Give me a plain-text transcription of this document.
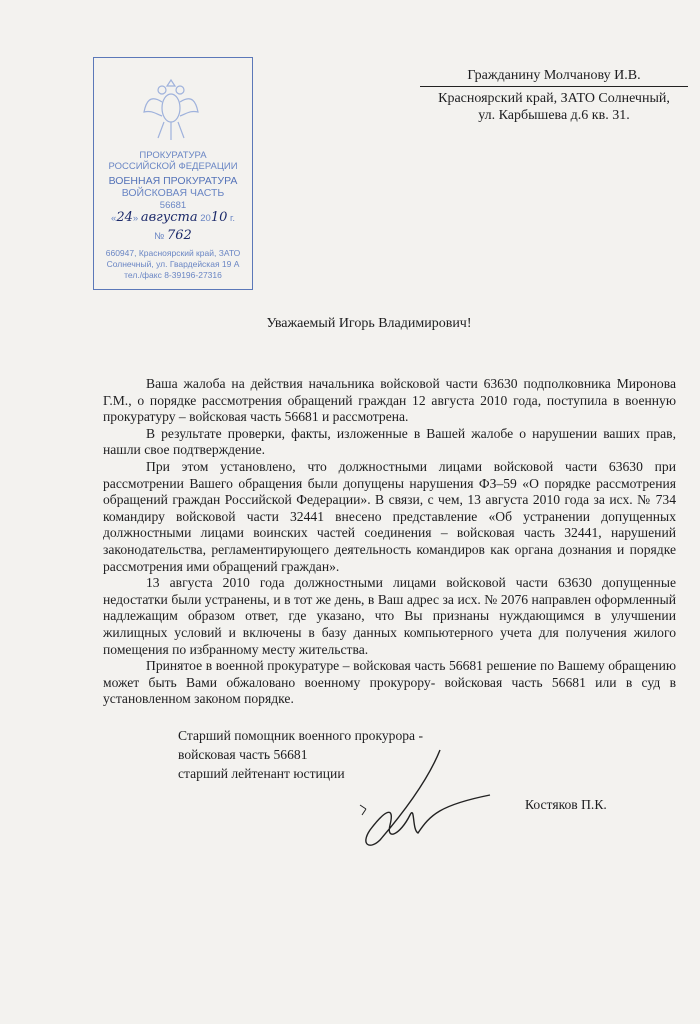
ПРОКУРАТУРА
РОССИЙСКОЙ ФЕДЕРАЦИИ
ВОЕННАЯ ПРОКУРАТУРА
ВОЙСКОВАЯ ЧАСТЬ
56681
«24» августа 2010 г.
№ 762
660947, Красноярский край, ЗАТО
Солнечный, ул. Гвардейская 19 А
тел./факс 8-39196-27316
Гражданину Молчанову И.В.
Красноярский край, ЗАТО Солнечный,
ул. Карбышева д.6 кв. 31.
Уважаемый Игорь Владимирович!

Ваша жалоба на действия начальника войсковой части 63630 подполковника Миронова Г.М., о порядке рассмотрения обращений граждан 12 августа 2010 года, поступила в военную прокуратуру – войсковая часть 56681 и рассмотрена.

В результате проверки, факты, изложенные в Вашей жалобе о нарушении ваших прав, нашли свое подтверждение.

При этом установлено, что должностными лицами войсковой части 63630 при рассмотрении Вашего обращения были допущены нарушения ФЗ–59 «О порядке рассмотрения обращений граждан Российской Федерации». В связи, с чем, 13 августа 2010 года за исх. № 734 командиру войсковой части 32441 внесено представление «Об устранении допущенных должностными лицами воинских частей соединения – войсковая часть 32441, нарушений законодательства, регламентирующего деятельность командиров как органа дознания и порядке рассмотрения ими обращений граждан».

13 августа 2010 года должностными лицами войсковой части 63630 допущенные недостатки были устранены, и в тот же день, в Ваш адрес за исх. № 2076 направлен оформленный надлежащим образом ответ, где указано, что Вы признаны нуждающимся в улучшении жилищных условий и включены в базу данных компьютерного учета для получения жилого помещения по избранному месту жительства.

Принятое в военной прокуратуре – войсковая часть 56681 решение по Вашему обращению может быть Вами обжаловано военному прокурору- войсковая часть 56681 или в суд в установленном законом порядке.

Старший помощник военного прокурора -
войсковая часть 56681
старший лейтенант юстиции
Костяков П.К.
